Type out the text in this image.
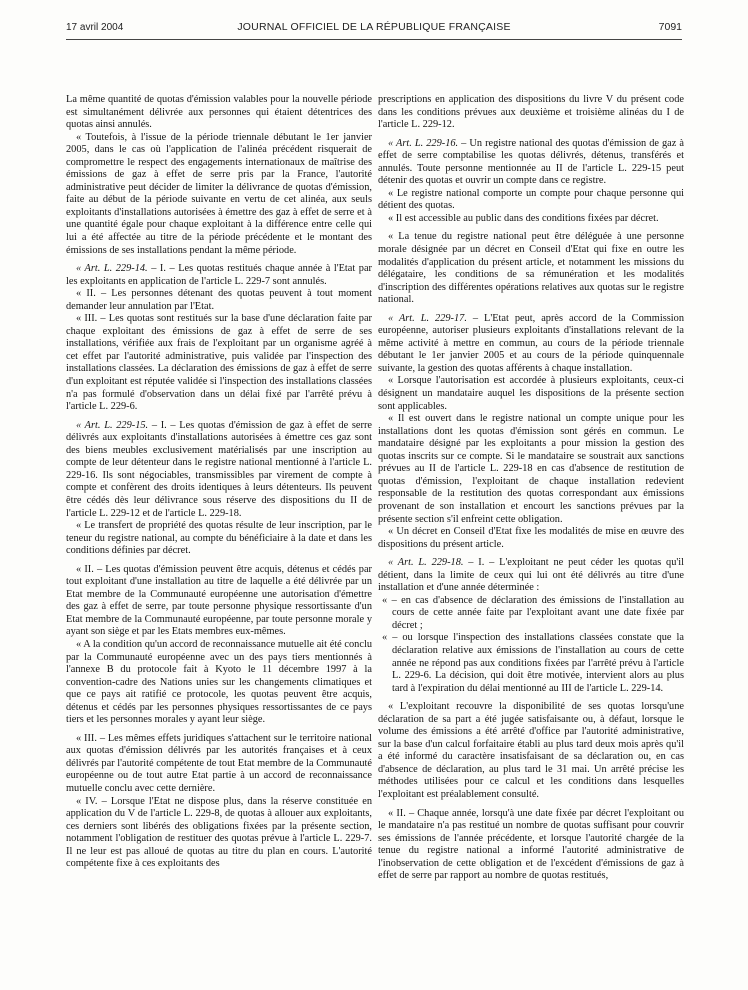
17 avril 2004	JOURNAL OFFICIEL DE LA RÉPUBLIQUE FRANÇAISE	7091

La même quantité de quotas d'émission valables pour la nouvelle période est simultanément délivrée aux personnes qui étaient détentrices des quotas ainsi annulés.

« Toutefois, à l'issue de la période triennale débutant le 1er janvier 2005, dans le cas où l'application de l'alinéa précédent risquerait de compromettre le respect des engagements internationaux de maîtrise des émissions de gaz à effet de serre pris par la France, l'autorité administrative peut décider de limiter la délivrance de quotas d'émission, faite au début de la période suivante en vertu de cet alinéa, aux seuls exploitants d'installations autorisées à émettre des gaz à effet de serre et à une quantité égale pour chaque exploitant à la différence entre celle qui lui a été affectée au titre de la période précédente et le montant des émissions de ses installations pendant la même période.

« Art. L. 229-14. – I. – Les quotas restitués chaque année à l'Etat par les exploitants en application de l'article L. 229-7 sont annulés.

« II. – Les personnes détenant des quotas peuvent à tout moment demander leur annulation par l'Etat.

« III. – Les quotas sont restitués sur la base d'une déclaration faite par chaque exploitant des émissions de gaz à effet de serre de ses installations, vérifiée aux frais de l'exploitant par un organisme agréé à cet effet par l'autorité administrative, puis validée par l'inspection des installations classées. La déclaration des émissions de gaz à effet de serre d'un exploitant est réputée validée si l'inspection des installations classées n'a pas formulé d'observation dans un délai fixé par l'arrêté prévu à l'article L. 229-6.

« Art. L. 229-15. – I. – Les quotas d'émission de gaz à effet de serre délivrés aux exploitants d'installations autorisées à émettre ces gaz sont des biens meubles exclusivement matérialisés par une inscription au compte de leur détenteur dans le registre national mentionné à l'article L. 229-16. Ils sont négociables, transmissibles par virement de compte à compte et confèrent des droits identiques à leurs détenteurs. Ils peuvent être cédés dès leur délivrance sous réserve des dispositions du II de l'article L. 229-12 et de l'article L. 229-18.

« Le transfert de propriété des quotas résulte de leur inscription, par le teneur du registre national, au compte du bénéficiaire à la date et dans les conditions définies par décret.

« II. – Les quotas d'émission peuvent être acquis, détenus et cédés par tout exploitant d'une installation au titre de laquelle a été délivrée par un Etat membre de la Communauté européenne une autorisation d'émettre des gaz à effet de serre, par toute personne physique ressortissante d'un Etat membre de la Communauté européenne, par toute personne morale y ayant son siège et par les Etats membres eux-mêmes.

« A la condition qu'un accord de reconnaissance mutuelle ait été conclu par la Communauté européenne avec un des pays tiers mentionnés à l'annexe B du protocole fait à Kyoto le 11 décembre 1997 à la convention-cadre des Nations unies sur les changements climatiques et que ce pays ait ratifié ce protocole, les quotas peuvent être acquis, détenus et cédés par les personnes physiques ressortissantes de ce pays tiers et les personnes morales y ayant leur siège.

« III. – Les mêmes effets juridiques s'attachent sur le territoire national aux quotas d'émission délivrés par les autorités françaises et à ceux délivrés par l'autorité compétente de tout Etat membre de la Communauté européenne ou de tout autre Etat partie à un accord de reconnaissance mutuelle conclu avec cette dernière.

« IV. – Lorsque l'Etat ne dispose plus, dans la réserve constituée en application du V de l'article L. 229-8, de quotas à allouer aux exploitants, ces derniers sont libérés des obligations fixées par la présente section, notamment l'obligation de restituer des quotas prévue à l'article L. 229-7. Il ne leur est pas alloué de quotas au titre du plan en cours. L'autorité compétente fixe à ces exploitants des

prescriptions en application des dispositions du livre V du présent code dans les conditions prévues aux deuxième et troisième alinéas du I de l'article L. 229-12.

« Art. L. 229-16. – Un registre national des quotas d'émission de gaz à effet de serre comptabilise les quotas délivrés, détenus, transférés et annulés. Toute personne mentionnée au II de l'article L. 229-15 peut détenir des quotas et ouvrir un compte dans ce registre.

« Le registre national comporte un compte pour chaque personne qui détient des quotas.

« Il est accessible au public dans des conditions fixées par décret.

« La tenue du registre national peut être déléguée à une personne morale désignée par un décret en Conseil d'Etat qui fixe en outre les modalités d'application du présent article, et notamment les missions du délégataire, les conditions de sa rémunération et les modalités d'inscription des différentes opérations relatives aux quotas sur le registre national.

« Art. L. 229-17. – L'Etat peut, après accord de la Commission européenne, autoriser plusieurs exploitants d'installations relevant de la même activité à mettre en commun, au cours de la période triennale débutant le 1er janvier 2005 et au cours de la période quinquennale suivante, la gestion des quotas afférents à chaque installation.

« Lorsque l'autorisation est accordée à plusieurs exploitants, ceux-ci désignent un mandataire auquel les dispositions de la présente section sont applicables.

« Il est ouvert dans le registre national un compte unique pour les installations dont les quotas d'émission sont gérés en commun. Le mandataire désigné par les exploitants a pour mission la gestion des quotas inscrits sur ce compte. Si le mandataire se soustrait aux sanctions prévues au II de l'article L. 229-18 en cas d'absence de restitution de quotas d'émission, l'exploitant de chaque installation redevient responsable de la restitution des quotas correspondant aux émissions provenant de son installation et encourt les sanctions prévues par la présente section s'il enfreint cette obligation.

« Un décret en Conseil d'Etat fixe les modalités de mise en œuvre des dispositions du présent article.

« Art. L. 229-18. – I. – L'exploitant ne peut céder les quotas qu'il détient, dans la limite de ceux qui lui ont été délivrés au titre d'une installation et d'une année déterminée :

« – en cas d'absence de déclaration des émissions de l'installation au cours de cette année faite par l'exploitant avant une date fixée par décret ;

« – ou lorsque l'inspection des installations classées constate que la déclaration relative aux émissions de l'installation au cours de cette année ne répond pas aux conditions fixées par l'arrêté prévu à l'article L. 229-6. La décision, qui doit être motivée, intervient alors au plus tard à l'expiration du délai mentionné au III de l'article L. 229-14.

« L'exploitant recouvre la disponibilité de ses quotas lorsqu'une déclaration de sa part a été jugée satisfaisante ou, à défaut, lorsque le volume des émissions a été arrêté d'office par l'autorité administrative, sur la base d'un calcul forfaitaire établi au plus tard deux mois après qu'il a été informé du caractère insatisfaisant de sa déclaration ou, en cas d'absence de déclaration, au plus tard le 31 mai. Un arrêté précise les méthodes utilisées pour ce calcul et les conditions dans lesquelles l'exploitant est préalablement consulté.

« II. – Chaque année, lorsqu'à une date fixée par décret l'exploitant ou le mandataire n'a pas restitué un nombre de quotas suffisant pour couvrir ses émissions de l'année précédente, et lorsque l'autorité chargée de la tenue du registre national a informé l'autorité administrative de l'inobservation de cette obligation et de l'excédent d'émissions de gaz à effet de serre par rapport au nombre de quotas restitués,
